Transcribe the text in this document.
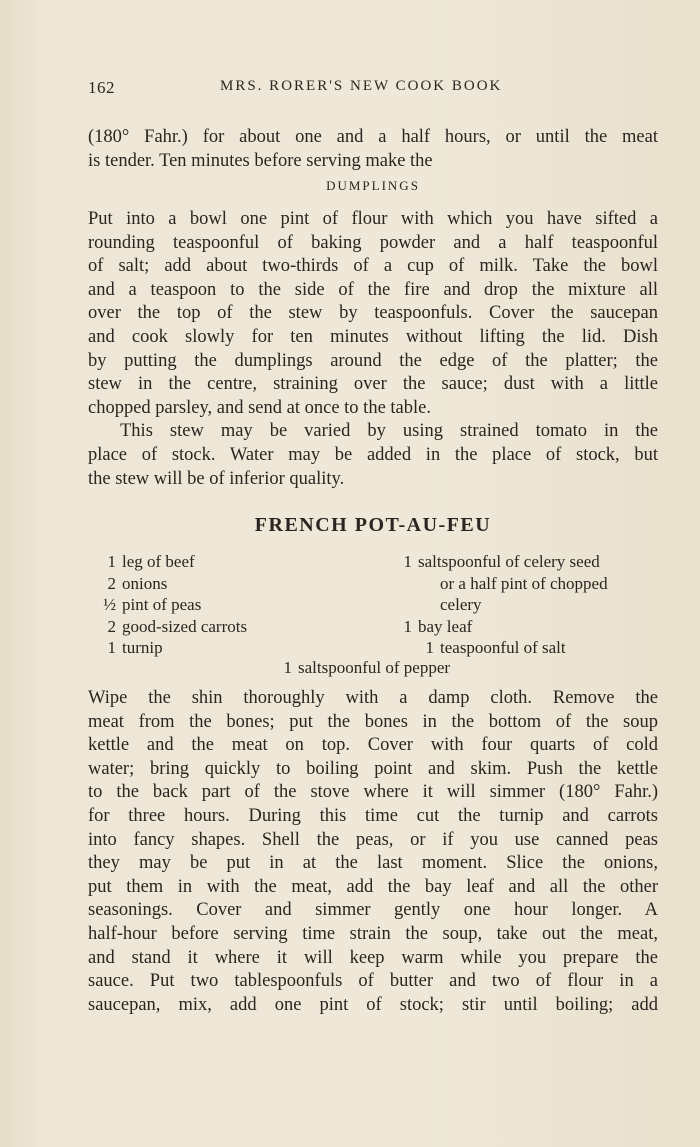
162	MRS. RORER'S NEW COOK BOOK
(180° Fahr.) for about one and a half hours, or until the meat
is tender. Ten minutes before serving make the
DUMPLINGS
Put into a bowl one pint of flour with which you have sifted a
rounding teaspoonful of baking powder and a half teaspoonful
of salt; add about two-thirds of a cup of milk. Take the bowl
and a teaspoon to the side of the fire and drop the mixture all
over the top of the stew by teaspoonfuls. Cover the saucepan
and cook slowly for ten minutes without lifting the lid. Dish
by putting the dumplings around the edge of the platter; the
stew in the centre, straining over the sauce; dust with a little
chopped parsley, and send at once to the table.
This stew may be varied by using strained tomato in the
place of stock. Water may be added in the place of stock, but
the stew will be of inferior quality.
FRENCH POT-AU-FEU
1 leg of beef
2 onions
½ pint of peas
2 good-sized carrots
1 turnip
1 saltspoonful of celery seed
or a half pint of chopped
celery
1 bay leaf
1 teaspoonful of salt
1 saltspoonful of pepper
Wipe the shin thoroughly with a damp cloth. Remove the
meat from the bones; put the bones in the bottom of the soup
kettle and the meat on top. Cover with four quarts of cold
water; bring quickly to boiling point and skim. Push the kettle
to the back part of the stove where it will simmer (180° Fahr.)
for three hours. During this time cut the turnip and carrots
into fancy shapes. Shell the peas, or if you use canned peas
they may be put in at the last moment. Slice the onions,
put them in with the meat, add the bay leaf and all the other
seasonings. Cover and simmer gently one hour longer. A
half-hour before serving time strain the soup, take out the meat,
and stand it where it will keep warm while you prepare the
sauce. Put two tablespoonfuls of butter and two of flour in a
saucepan, mix, add one pint of stock; stir until boiling; add
